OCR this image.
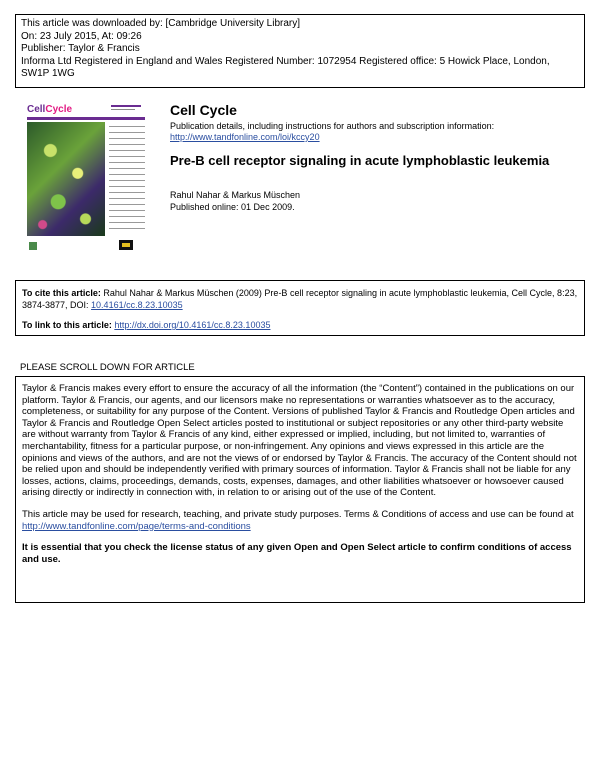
This article was downloaded by: [Cambridge University Library]
On: 23 July 2015, At: 09:26
Publisher: Taylor & Francis
Informa Ltd Registered in England and Wales Registered Number: 1072954 Registered office: 5 Howick Place, London, SW1P 1WG
CellCycle	Cell Cycle
Publication details, including instructions for authors and subscription information:
http://www.tandfonline.com/loi/kccy20
Pre-B cell receptor signaling in acute lymphoblastic leukemia
Rahul Nahar & Markus Müschen
Published online: 01 Dec 2009.
To cite this article: Rahul Nahar & Markus Müschen (2009) Pre-B cell receptor signaling in acute lymphoblastic leukemia, Cell Cycle, 8:23, 3874-3877, DOI: 10.4161/cc.8.23.10035
To link to this article: http://dx.doi.org/10.4161/cc.8.23.10035
PLEASE SCROLL DOWN FOR ARTICLE

Taylor & Francis makes every effort to ensure the accuracy of all the information (the “Content”) contained in the publications on our platform. Taylor & Francis, our agents, and our licensors make no representations or warranties whatsoever as to the accuracy, completeness, or suitability for any purpose of the Content. Versions of published Taylor & Francis and Routledge Open articles and Taylor & Francis and Routledge Open Select articles posted to institutional or subject repositories or any other third-party website are without warranty from Taylor & Francis of any kind, either expressed or implied, including, but not limited to, warranties of merchantability, fitness for a particular purpose, or non-infringement. Any opinions and views expressed in this article are the opinions and views of the authors, and are not the views of or endorsed by Taylor & Francis. The accuracy of the Content should not be relied upon and should be independently verified with primary sources of information. Taylor & Francis shall not be liable for any losses, actions, claims, proceedings, demands, costs, expenses, damages, and other liabilities whatsoever or howsoever caused arising directly or indirectly in connection with, in relation to or arising out of the use of the Content.

This article may be used for research, teaching, and private study purposes. Terms & Conditions of access and use can be found at http://www.tandfonline.com/page/terms-and-conditions

It is essential that you check the license status of any given Open and Open Select article to confirm conditions of access and use.
